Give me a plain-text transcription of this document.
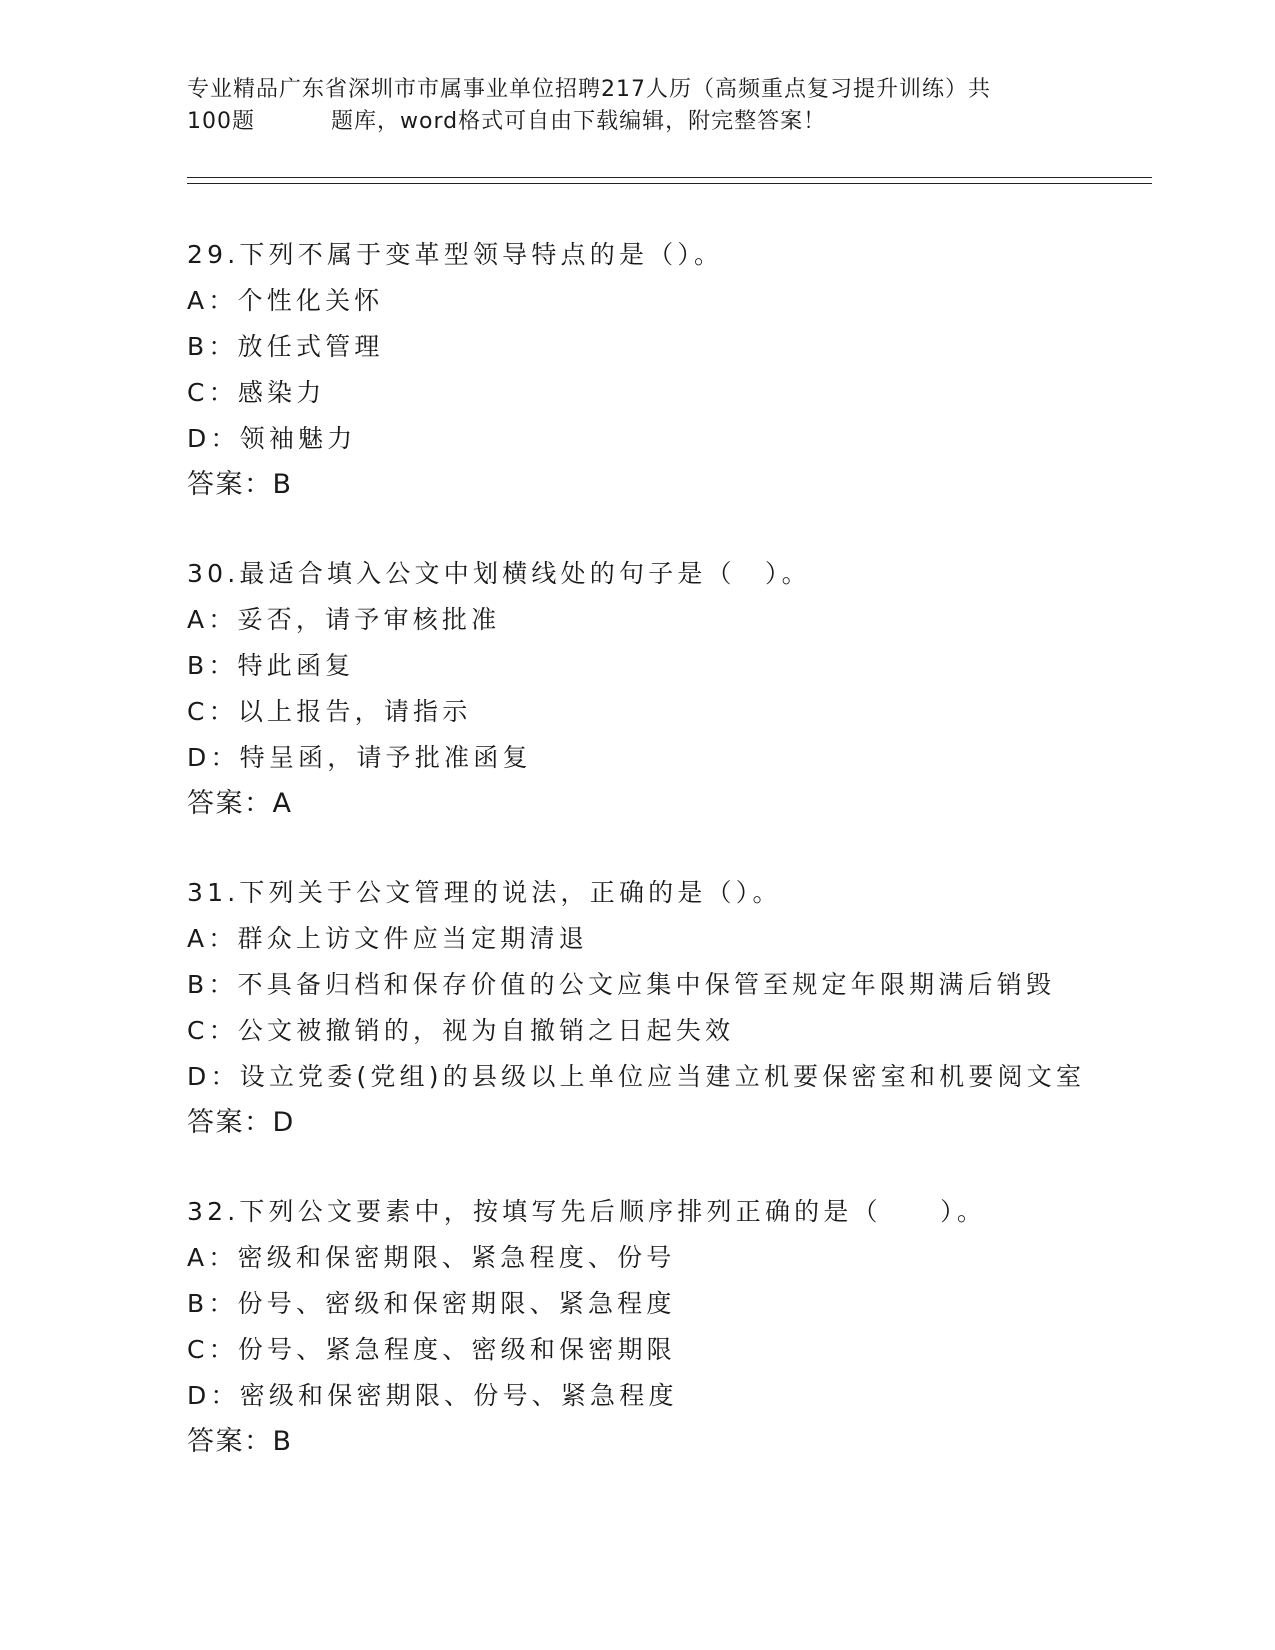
专业精品广东省深圳市市属事业单位招聘217人历（高频重点复习提升训练）共
100题	题库，word格式可自由下载编辑，附完整答案！
29.下列不属于变革型领导特点的是（）。
A：个性化关怀
B：放任式管理
C：感染力
D：领袖魅力
答案：B
30.最适合填入公文中划横线处的句子是（　）。
A：妥否，请予审核批准
B：特此函复
C：以上报告，请指示
D：特呈函，请予批准函复
答案：A
31.下列关于公文管理的说法，正确的是（）。
A：群众上访文件应当定期清退
B：不具备归档和保存价值的公文应集中保管至规定年限期满后销毁
C：公文被撤销的，视为自撤销之日起失效
D：设立党委(党组)的县级以上单位应当建立机要保密室和机要阅文室
答案：D
32.下列公文要素中，按填写先后顺序排列正确的是（　　）。
A：密级和保密期限、紧急程度、份号
B：份号、密级和保密期限、紧急程度
C：份号、紧急程度、密级和保密期限
D：密级和保密期限、份号、紧急程度
答案：B
